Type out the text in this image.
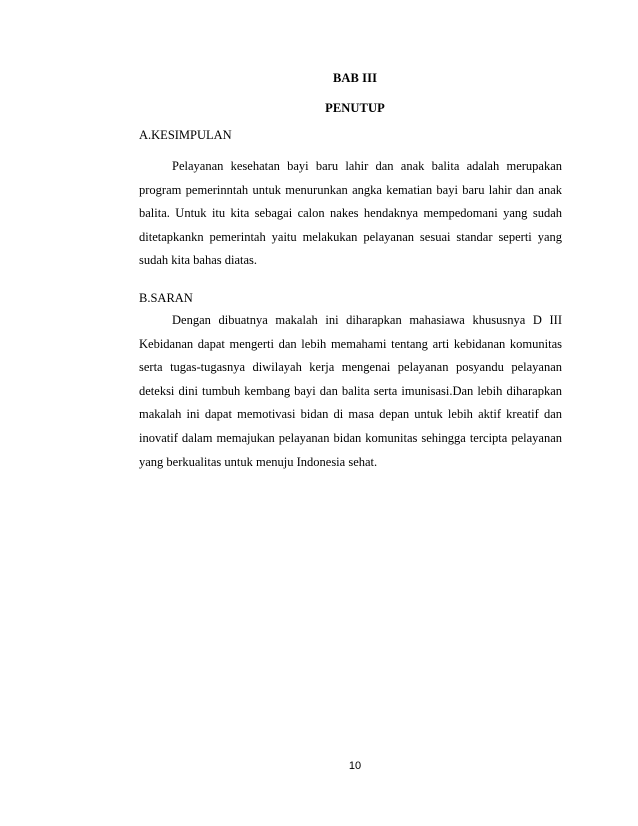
BAB III
PENUTUP
A.KESIMPULAN
Pelayanan kesehatan bayi baru lahir dan anak balita adalah merupakan program pemerinntah untuk menurunkan angka kematian bayi baru lahir dan anak balita. Untuk itu kita sebagai calon nakes hendaknya mempedomani yang sudah ditetapkankn pemerintah yaitu melakukan pelayanan sesuai standar seperti yang sudah kita bahas diatas.
B.SARAN
Dengan dibuatnya makalah ini diharapkan mahasiawa khususnya D III Kebidanan dapat mengerti dan lebih memahami tentang arti kebidanan komunitas serta tugas-tugasnya diwilayah kerja mengenai pelayanan posyandu pelayanan deteksi dini tumbuh kembang bayi dan balita serta imunisasi.Dan lebih diharapkan makalah ini dapat memotivasi bidan di masa depan untuk lebih aktif kreatif dan inovatif dalam memajukan pelayanan bidan komunitas sehingga tercipta pelayanan yang berkualitas untuk menuju Indonesia sehat.
10
